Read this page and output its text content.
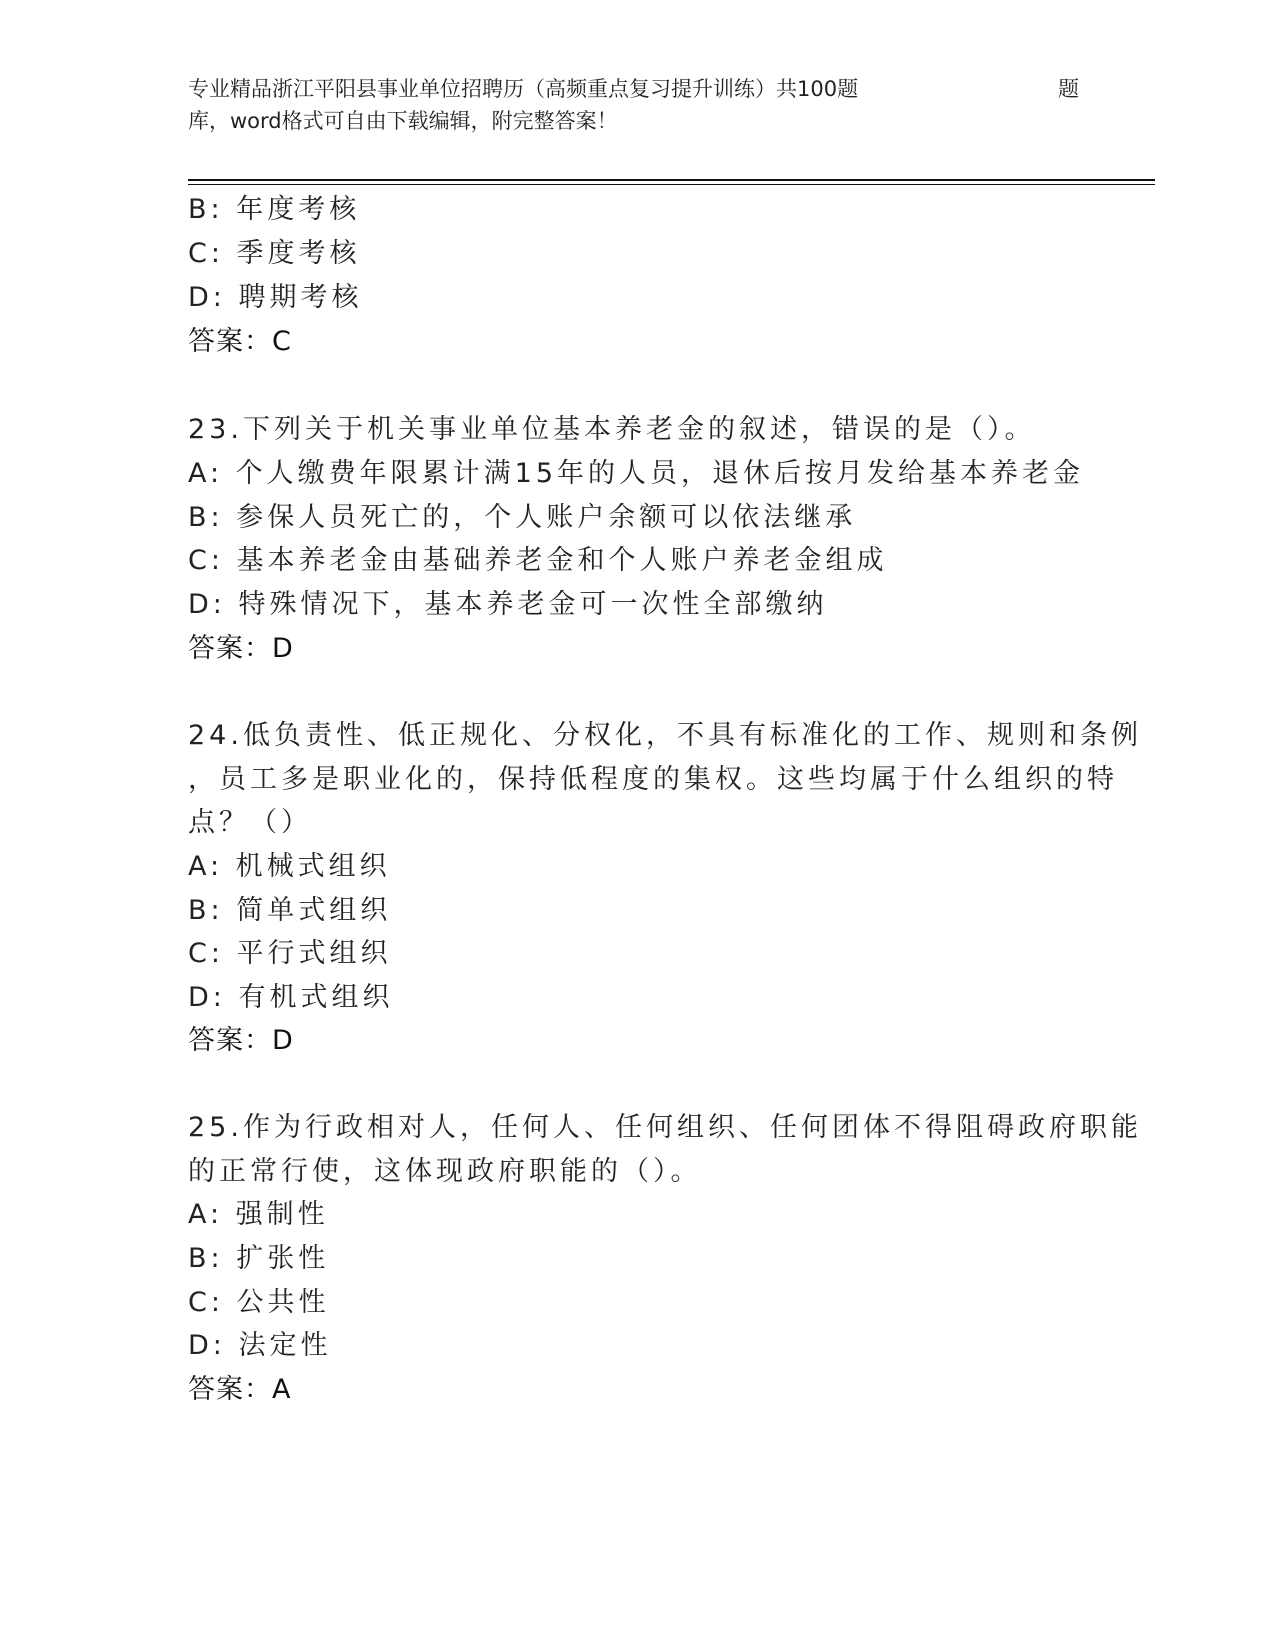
专业精品浙江平阳县事业单位招聘历（高频重点复习提升训练）共100题	题
库，word格式可自由下载编辑，附完整答案！
B: 年度考核
C: 季度考核
D: 聘期考核
答案：C
23.下列关于机关事业单位基本养老金的叙述，错误的是（）。
A: 个人缴费年限累计满15年的人员，退休后按月发给基本养老金
B: 参保人员死亡的，个人账户余额可以依法继承
C: 基本养老金由基础养老金和个人账户养老金组成
D: 特殊情况下，基本养老金可一次性全部缴纳
答案：D
24.低负责性、低正规化、分权化，不具有标准化的工作、规则和条例
，员工多是职业化的，保持低程度的集权。这些均属于什么组织的特
点？（）
A: 机械式组织
B: 简单式组织
C: 平行式组织
D: 有机式组织
答案：D
25.作为行政相对人，任何人、任何组织、任何团体不得阻碍政府职能
的正常行使，这体现政府职能的（）。
A: 强制性
B: 扩张性
C: 公共性
D: 法定性
答案：A
